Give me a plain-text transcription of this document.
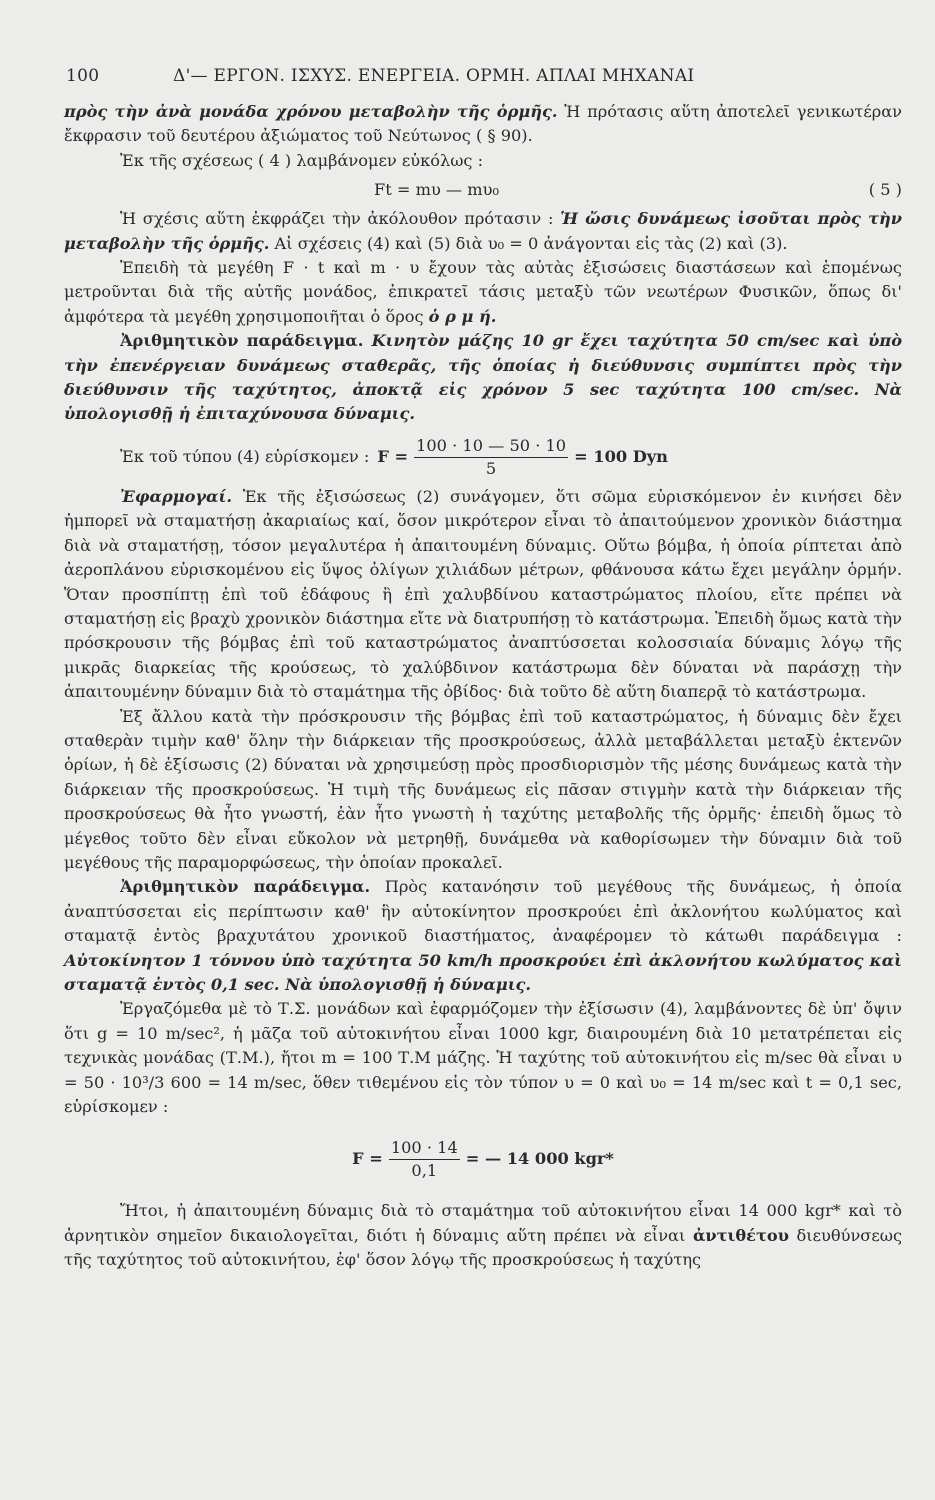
100	Δ'— ΕΡΓΟΝ. ΙΣΧΥΣ. ΕΝΕΡΓΕΙΑ. ΟΡΜΗ. ΑΠΛΑΙ ΜΗΧΑΝΑΙ

πρὸς τὴν ἀνὰ μονάδα χρόνου μεταβολὴν τῆς ὁρμῆς. Ἡ πρότασις αὕτη ἀποτελεῖ γενικωτέραν ἔκφρασιν τοῦ δευτέρου ἀξιώματος τοῦ Νεύτωνος ( § 90).

Ἐκ τῆς σχέσεως ( 4 ) λαμβάνομεν εὐκόλως :

Ft = mυ — mυ₀	( 5 )

Ἡ σχέσις αὕτη ἐκφράζει τὴν ἀκόλουθον πρότασιν : Ἡ ὤσις δυνάμεως ἰσοῦται πρὸς τὴν μεταβολὴν τῆς ὁρμῆς. Αἱ σχέσεις (4) καὶ (5) διὰ υ₀ = 0 ἀνάγονται εἰς τὰς (2) καὶ (3).

Ἐπειδὴ τὰ μεγέθη F · t καὶ m · υ ἔχουν τὰς αὐτὰς ἐξισώσεις διαστάσεων καὶ ἑπομένως μετροῦνται διὰ τῆς αὐτῆς μονάδος, ἐπικρατεῖ τάσις μεταξὺ τῶν νεωτέρων Φυσικῶν, ὅπως δι' ἀμφότερα τὰ μεγέθη χρησιμοποιῆται ὁ ὅρος ὁ ρ μ ή.

Ἀριθμητικὸν παράδειγμα. Κινητὸν μάζης 10 gr ἔχει ταχύτητα 50 cm/sec καὶ ὑπὸ τὴν ἐπενέργειαν δυνάμεως σταθερᾶς, τῆς ὁποίας ἡ διεύθυνσις συμπίπτει πρὸς τὴν διεύθυνσιν τῆς ταχύτητος, ἀποκτᾷ εἰς χρόνον 5 sec ταχύτητα 100 cm/sec. Νὰ ὑπολογισθῇ ἡ ἐπιταχύνουσα δύναμις.

Ἐκ τοῦ τύπου (4) εὑρίσκομεν : $F = \frac{100 \cdot 10 — 50 \cdot 10}{5} = 100$ Dyn

Ἐφαρμογαί. Ἐκ τῆς ἐξισώσεως (2) συνάγομεν, ὅτι σῶμα εὑρισκόμενον ἐν κινήσει δὲν ἠμπορεῖ νὰ σταματήσῃ ἀκαριαίως καί, ὅσον μικρότερον εἶναι τὸ ἀπαιτούμενον χρονικὸν διάστημα διὰ νὰ σταματήσῃ, τόσον μεγαλυτέρα ἡ ἀπαιτουμένη δύναμις. Οὕτω βόμβα, ἡ ὁποία ρίπτεται ἀπὸ ἀεροπλάνου εὑρισκομένου εἰς ὕψος ὀλίγων χιλιάδων μέτρων, φθάνουσα κάτω ἔχει μεγάλην ὁρμήν. Ὅταν προσπίπτῃ ἐπὶ τοῦ ἐδάφους ἢ ἐπὶ χαλυβδίνου καταστρώματος πλοίου, εἴτε πρέπει νὰ σταματήσῃ εἰς βραχὺ χρονικὸν διάστημα εἴτε νὰ διατρυπήσῃ τὸ κατάστρωμα. Ἐπειδὴ ὅμως κατὰ τὴν πρόσκρουσιν τῆς βόμβας ἐπὶ τοῦ καταστρώματος ἀναπτύσσεται κολοσσιαία δύναμις λόγῳ τῆς μικρᾶς διαρκείας τῆς κρούσεως, τὸ χαλύβδινον κατάστρωμα δὲν δύναται νὰ παράσχῃ τὴν ἀπαιτουμένην δύναμιν διὰ τὸ σταμάτημα τῆς ὀβίδος· διὰ τοῦτο δὲ αὕτη διαπερᾷ τὸ κατάστρωμα.

Ἐξ ἄλλου κατὰ τὴν πρόσκρουσιν τῆς βόμβας ἐπὶ τοῦ καταστρώματος, ἡ δύναμις δὲν ἔχει σταθερὰν τιμὴν καθ' ὅλην τὴν διάρκειαν τῆς προσκρούσεως, ἀλλὰ μεταβάλλεται μεταξὺ ἐκτενῶν ὁρίων, ἡ δὲ ἐξίσωσις (2) δύναται νὰ χρησιμεύσῃ πρὸς προσδιορισμὸν τῆς μέσης δυνάμεως κατὰ τὴν διάρκειαν τῆς προσκρούσεως. Ἡ τιμὴ τῆς δυνάμεως εἰς πᾶσαν στιγμὴν κατὰ τὴν διάρκειαν τῆς προσκρούσεως θὰ ἦτο γνωστή, ἐὰν ἦτο γνωστὴ ἡ ταχύτης μεταβολῆς τῆς ὁρμῆς· ἐπειδὴ ὅμως τὸ μέγεθος τοῦτο δὲν εἶναι εὔκολον νὰ μετρηθῇ, δυνάμεθα νὰ καθορίσωμεν τὴν δύναμιν διὰ τοῦ μεγέθους τῆς παραμορφώσεως, τὴν ὁποίαν προκαλεῖ.

Ἀριθμητικὸν παράδειγμα. Πρὸς κατανόησιν τοῦ μεγέθους τῆς δυνάμεως, ἡ ὁποία ἀναπτύσσεται εἰς περίπτωσιν καθ' ἣν αὐτοκίνητον προσκρούει ἐπὶ ἀκλονήτου κωλύματος καὶ σταματᾷ ἐντὸς βραχυτάτου χρονικοῦ διαστήματος, ἀναφέρομεν τὸ κάτωθι παράδειγμα : Αὐτοκίνητον 1 τόννου ὑπὸ ταχύτητα 50 km/h προσκρούει ἐπὶ ἀκλονήτου κωλύματος καὶ σταματᾷ ἐντὸς 0,1 sec. Νὰ ὑπολογισθῇ ἡ δύναμις.

Ἐργαζόμεθα μὲ τὸ Τ.Σ. μονάδων καὶ ἐφαρμόζομεν τὴν ἐξίσωσιν (4), λαμβάνοντες δὲ ὑπ' ὄψιν ὅτι g = 10 m/sec², ἡ μᾶζα τοῦ αὐτοκινήτου εἶναι 1000 kgr, διαιρουμένη διὰ 10 μετατρέπεται εἰς τεχνικὰς μονάδας (Τ.Μ.), ἤτοι m = 100 Τ.Μ μάζης. Ἡ ταχύτης τοῦ αὐτοκινήτου εἰς m/sec θὰ εἶναι υ = 50 · 10³/3 600 = 14 m/sec, ὅθεν τιθεμένου εἰς τὸν τύπον υ = 0 καὶ υ₀ = 14 m/sec καὶ t = 0,1 sec, εὑρίσκομεν :

$F = \frac{100 \cdot 14}{0,1}$ = — 14 000 kgr*

Ἤτοι, ἡ ἀπαιτουμένη δύναμις διὰ τὸ σταμάτημα τοῦ αὐτοκινήτου εἶναι 14 000 kgr* καὶ τὸ ἀρνητικὸν σημεῖον δικαιολογεῖται, διότι ἡ δύναμις αὕτη πρέπει νὰ εἶναι ἀντιθέτου διευθύνσεως τῆς ταχύτητος τοῦ αὐτοκινήτου, ἐφ' ὅσον λόγῳ τῆς προσκρούσεως ἡ ταχύτης
